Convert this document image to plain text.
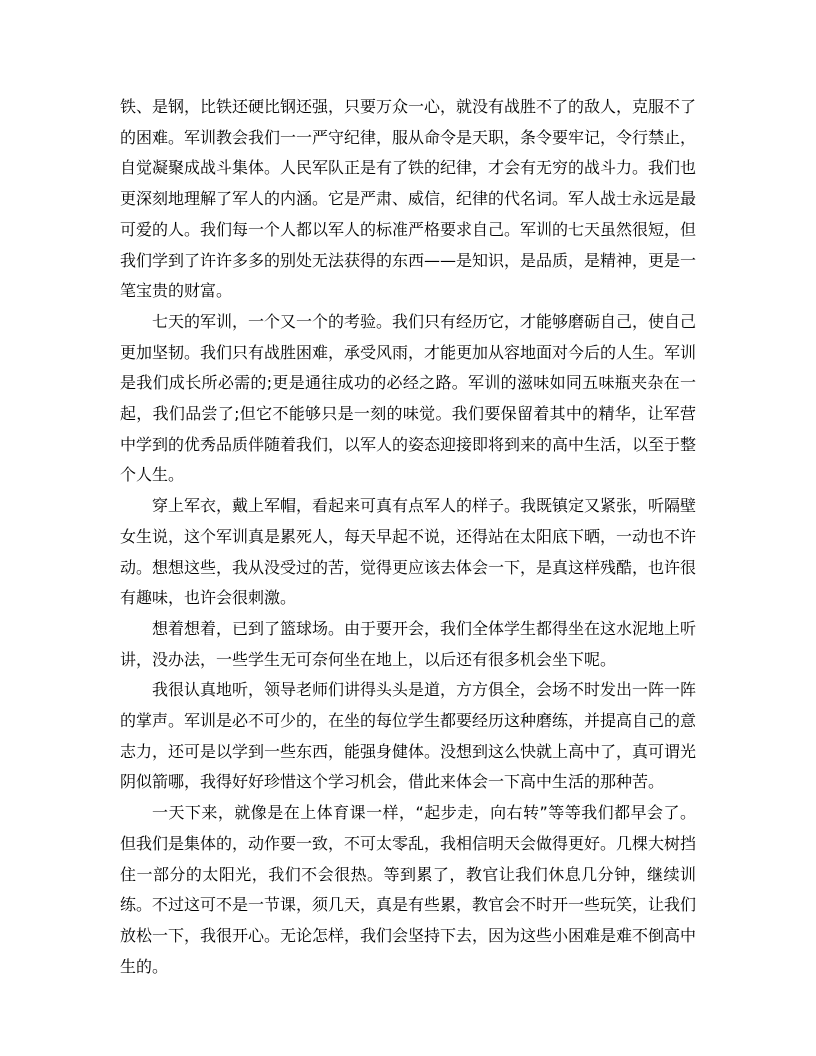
铁、是钢，比铁还硬比钢还强，只要万众一心，就没有战胜不了的敌人，克服不了的困难。军训教会我们一一严守纪律，服从命令是天职，条令要牢记，令行禁止，自觉凝聚成战斗集体。人民军队正是有了铁的纪律，才会有无穷的战斗力。我们也更深刻地理解了军人的内涵。它是严肃、威信，纪律的代名词。军人战士永远是最可爱的人。我们每一个人都以军人的标准严格要求自己。军训的七天虽然很短，但我们学到了许许多多的别处无法获得的东西——是知识，是品质，是精神，更是一笔宝贵的财富。

七天的军训，一个又一个的考验。我们只有经历它，才能够磨砺自己，使自己更加坚韧。我们只有战胜困难，承受风雨，才能更加从容地面对今后的人生。军训是我们成长所必需的;更是通往成功的必经之路。军训的滋味如同五味瓶夹杂在一起，我们品尝了;但它不能够只是一刻的味觉。我们要保留着其中的精华，让军营中学到的优秀品质伴随着我们，以军人的姿态迎接即将到来的高中生活，以至于整个人生。

穿上军衣，戴上军帽，看起来可真有点军人的样子。我既镇定又紧张，听隔壁女生说，这个军训真是累死人，每天早起不说，还得站在太阳底下晒，一动也不许动。想想这些，我从没受过的苦，觉得更应该去体会一下，是真这样残酷，也许很有趣味，也许会很刺激。

想着想着，已到了篮球场。由于要开会，我们全体学生都得坐在这水泥地上听讲，没办法，一些学生无可奈何坐在地上，以后还有很多机会坐下呢。

我很认真地听，领导老师们讲得头头是道，方方俱全，会场不时发出一阵一阵的掌声。军训是必不可少的，在坐的每位学生都要经历这种磨练，并提高自己的意志力，还可是以学到一些东西，能强身健体。没想到这么快就上高中了，真可谓光阴似箭哪，我得好好珍惜这个学习机会，借此来体会一下高中生活的那种苦。

一天下来，就像是在上体育课一样，“起步走，向右转”等等我们都早会了。但我们是集体的，动作要一致，不可太零乱，我相信明天会做得更好。几棵大树挡住一部分的太阳光，我们不会很热。等到累了，教官让我们休息几分钟，继续训练。不过这可不是一节课，须几天，真是有些累，教官会不时开一些玩笑，让我们放松一下，我很开心。无论怎样，我们会坚持下去，因为这些小困难是难不倒高中生的。
